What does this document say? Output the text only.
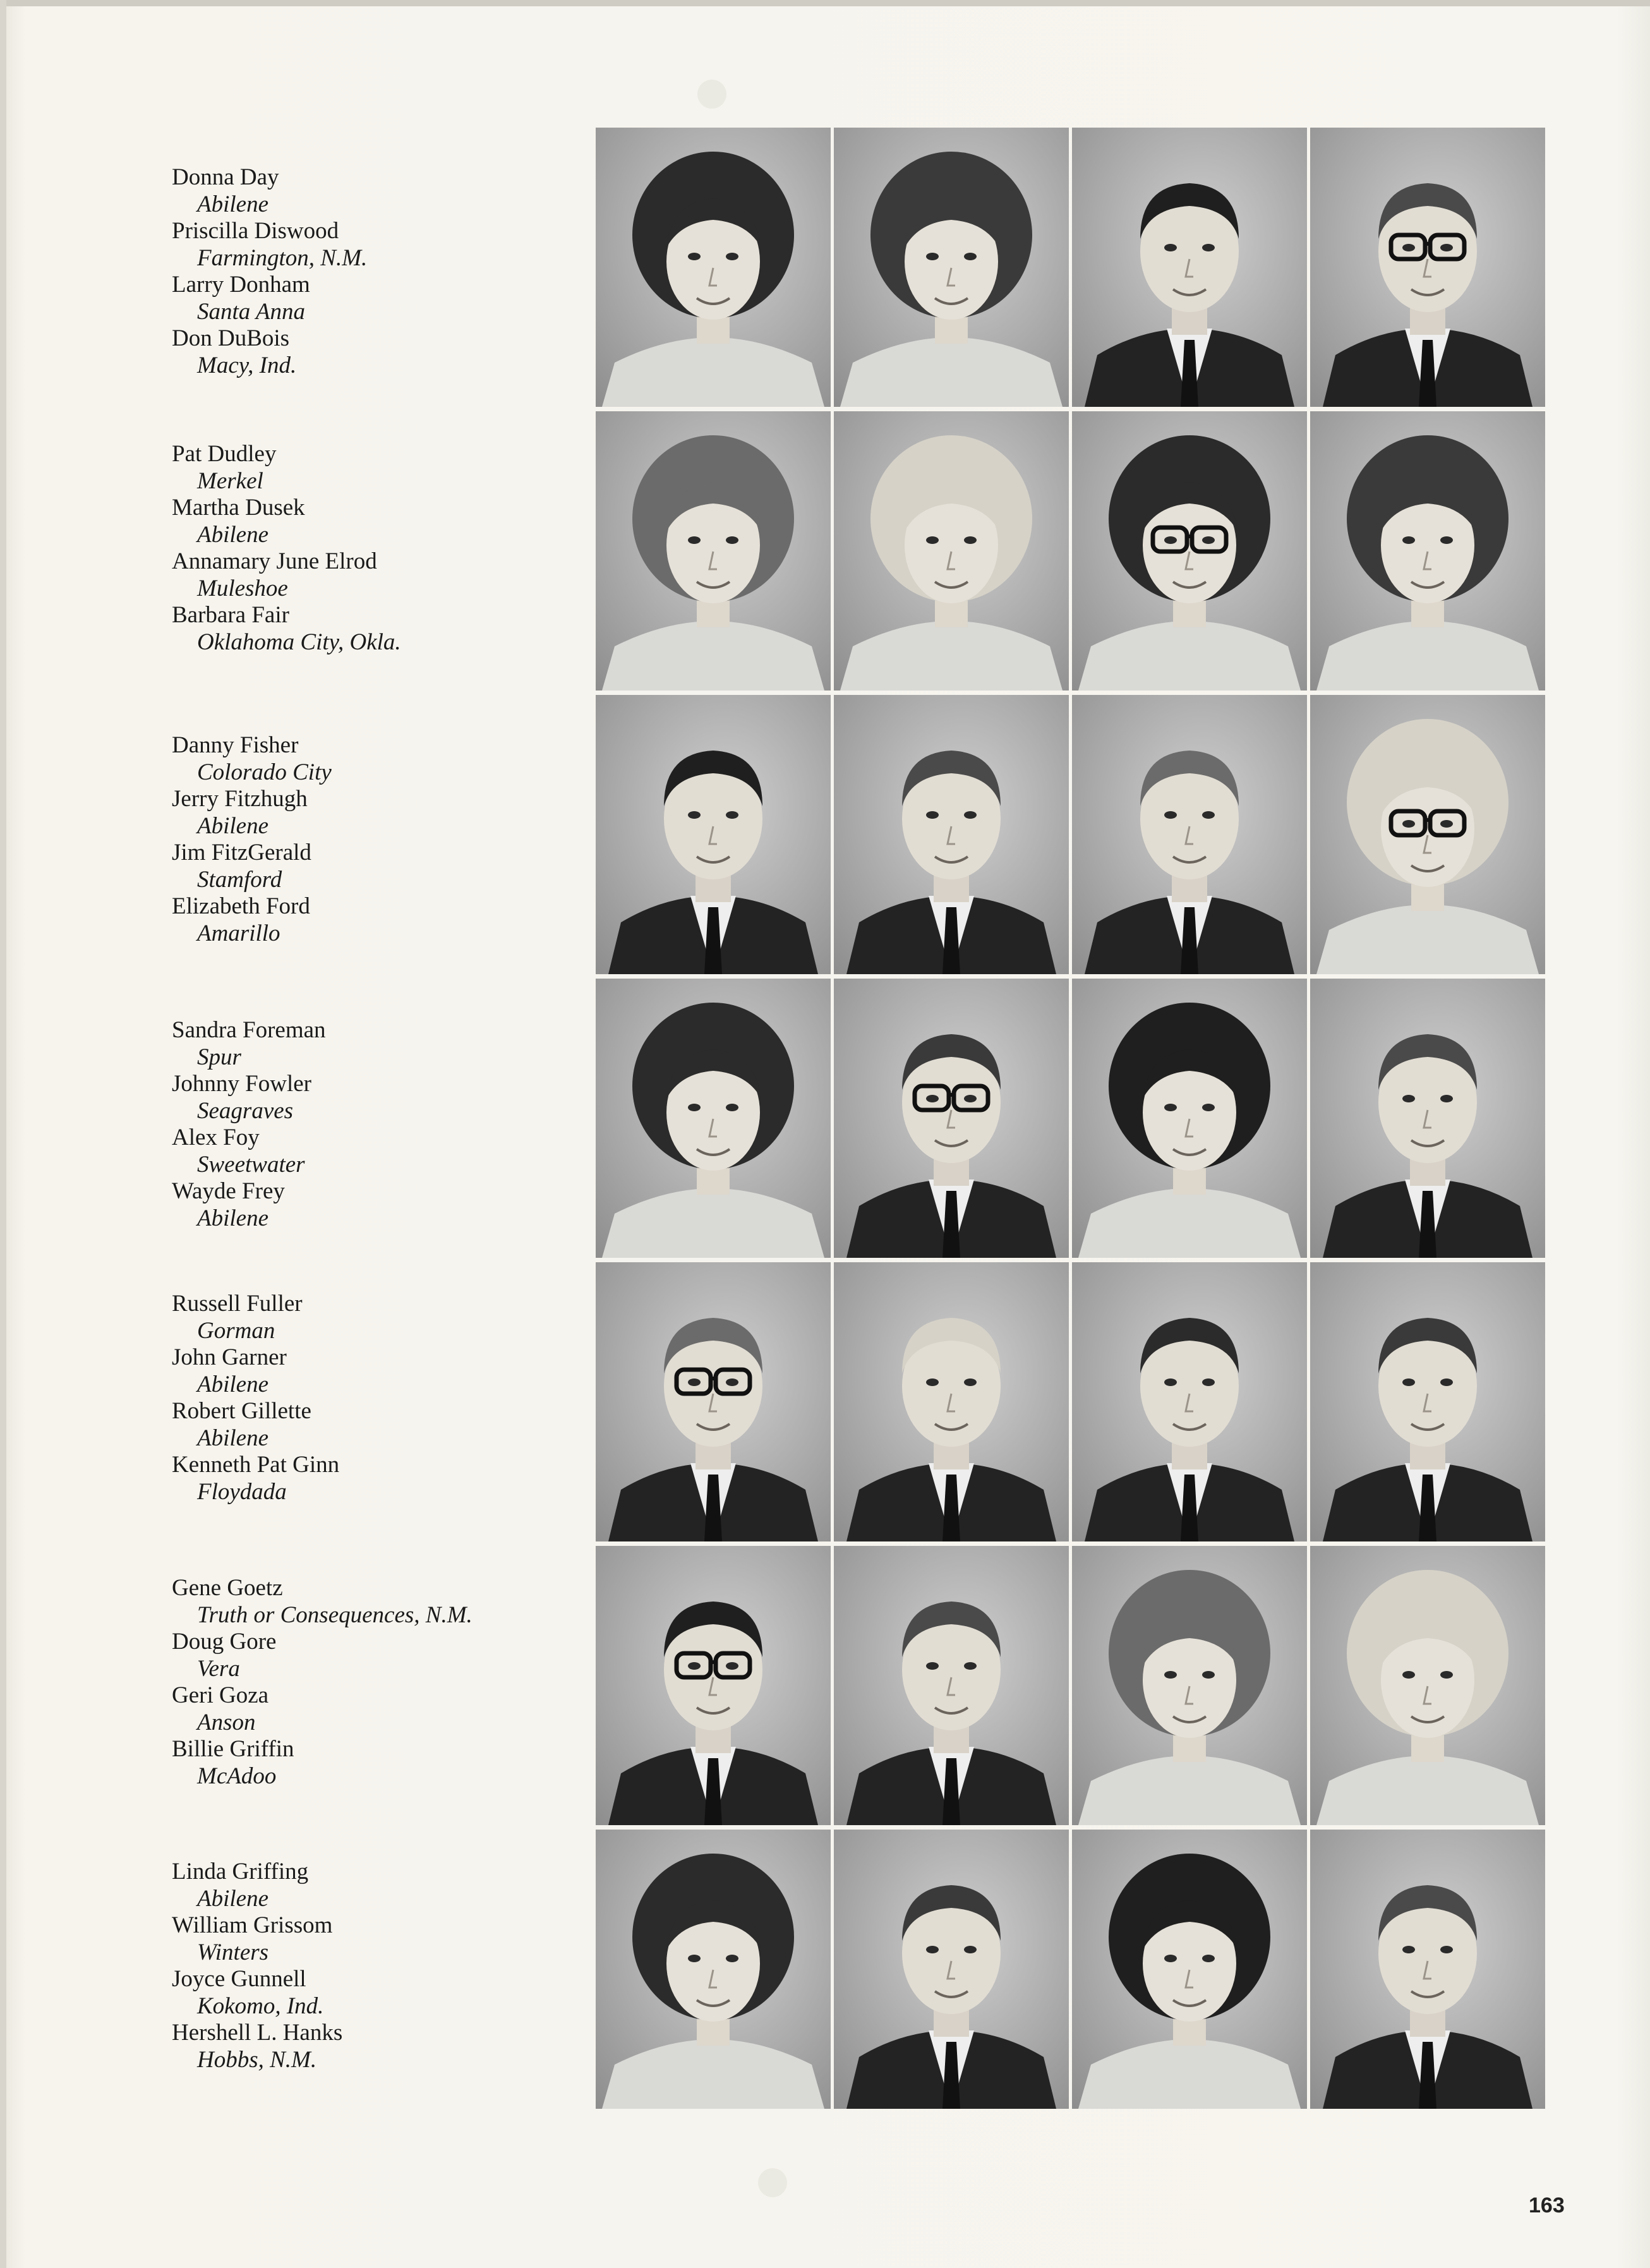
Donna Day
Abilene
Priscilla Diswood
Farmington, N.M.
Larry Donham
Santa Anna
Don DuBois
Macy, Ind.
Pat Dudley
Merkel
Martha Dusek
Abilene
Annamary June Elrod
Muleshoe
Barbara Fair
Oklahoma City, Okla.
Danny Fisher
Colorado City
Jerry Fitzhugh
Abilene
Jim FitzGerald
Stamford
Elizabeth Ford
Amarillo
Sandra Foreman
Spur
Johnny Fowler
Seagraves
Alex Foy
Sweetwater
Wayde Frey
Abilene
Russell Fuller
Gorman
John Garner
Abilene
Robert Gillette
Abilene
Kenneth Pat Ginn
Floydada
Gene Goetz
Truth or Consequences, N.M.
Doug Gore
Vera
Geri Goza
Anson
Billie Griffin
McAdoo
Linda Griffing
Abilene
William Grissom
Winters
Joyce Gunnell
Kokomo, Ind.
Hershell L. Hanks
Hobbs, N.M.
163
